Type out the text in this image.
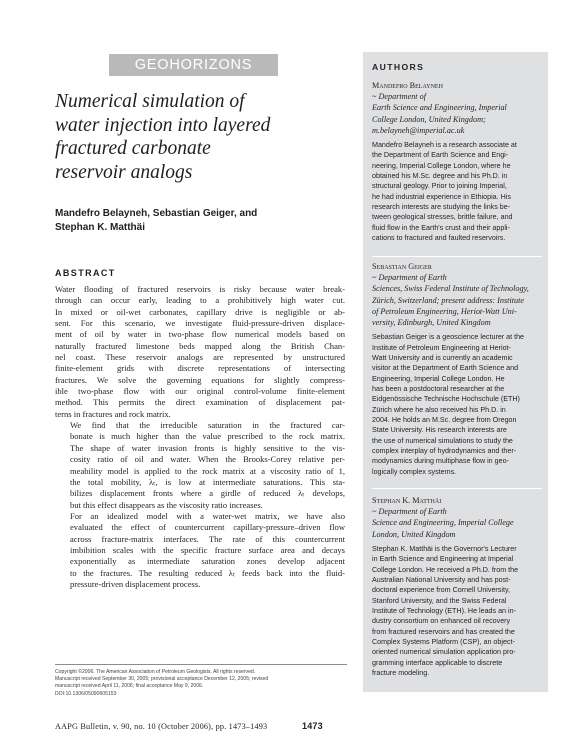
GEOHORIZONS
Numerical simulation of
water injection into layered
fractured carbonate
reservoir analogs
Mandefro Belayneh, Sebastian Geiger, and
Stephan K. Matthäi
ABSTRACT

Water flooding of fractured reservoirs is risky because water break-
through can occur early, leading to a prohibitively high water cut.
In mixed or oil-wet carbonates, capillary drive is negligible or ab-
sent. For this scenario, we investigate fluid-pressure-driven displace-
ment of oil by water in two-phase flow numerical models based on
naturally fractured limestone beds mapped along the British Chan-
nel coast. These reservoir analogs are represented by unstructured
finite-element grids with discrete representations of intersecting
fractures. We solve the governing equations for slightly compress-
ible two-phase flow with our original control-volume finite-element
method. This permits the direct examination of displacement pat-
terns in fractures and rock matrix.

We find that the irreducible saturation in the fractured car-
bonate is much higher than the value prescribed to the rock matrix.
The shape of water invasion fronts is highly sensitive to the vis-
cosity ratio of oil and water. When the Brooks-Corey relative per-
meability model is applied to the rock matrix at a viscosity ratio of 1,
the total mobility, λₜ, is low at intermediate saturations. This sta-
bilizes displacement fronts where a girdle of reduced λₜ develops,
but this effect disappears as the viscosity ratio increases.

For an idealized model with a water-wet matrix, we have also
evaluated the effect of countercurrent capillary-pressure–driven flow
across fracture-matrix interfaces. The rate of this countercurrent
imbibition scales with the specific fracture surface area and decays
exponentially as intermediate saturation zones develop adjacent
to the fractures. The resulting reduced λₜ feeds back into the fluid-
pressure-driven displacement process.

Copyright ©2006. The American Association of Petroleum Geologists. All rights reserved.
Manuscript received September 30, 2005; provisional acceptance December 12, 2005; revised
manuscript received April 11, 2006; final acceptance May 9, 2006.
DOI:10.1306/05090605153
AAPG Bulletin, v. 90, no. 10 (October 2006), pp. 1473–1493	1473
AUTHORS
Mandefro Belayneh
~ Department of
Earth Science and Engineering, Imperial
College London, United Kingdom;
m.belayneh@imperial.ac.uk
Mandefro Belayneh is a research associate at
the Department of Earth Science and Engi-
neering, Imperial College London, where he
obtained his M.Sc. degree and his Ph.D. in
structural geology. Prior to joining Imperial,
he had industrial experience in Ethiopia. His
research interests are studying the links be-
tween geological stresses, brittle failure, and
fluid flow in the Earth's crust and their appli-
cations to fractured and faulted reservoirs.
Sebastian Geiger
~ Department of Earth
Sciences, Swiss Federal Institute of Technology,
Zürich, Switzerland; present address: Institute
of Petroleum Engineering, Heriot-Watt Uni-
versity, Edinburgh, United Kingdom
Sebastian Geiger is a geoscience lecturer at the
Institute of Petroleum Engineering at Heriot-
Watt University and is currently an academic
visitor at the Department of Earth Science and
Engineering, Imperial College London. He
has been a postdoctoral researcher at the
Eidgenössische Technische Hochschule (ETH)
Zürich where he also received his Ph.D. in
2004. He holds an M.Sc. degree from Oregon
State University. His research interests are
the use of numerical simulations to study the
complex interplay of hydrodynamics and ther-
modynamics during multiphase flow in geo-
logically complex systems.
Stephan K. Matthäi
~ Department of Earth
Science and Engineering, Imperial College
London, United Kingdom
Stephan K. Matthäi is the Governor's Lecturer
in Earth Science and Engineering at Imperial
College London. He received a Ph.D. from the
Australian National University and has post-
doctoral experience from Cornell University,
Stanford University, and the Swiss Federal
Institute of Technology (ETH). He leads an in-
dustry consortium on enhanced oil recovery
from fractured reservoirs and has created the
Complex Systems Platform (CSP), an object-
oriented numerical simulation application pro-
gramming interface applicable to discrete
fracture modeling.
